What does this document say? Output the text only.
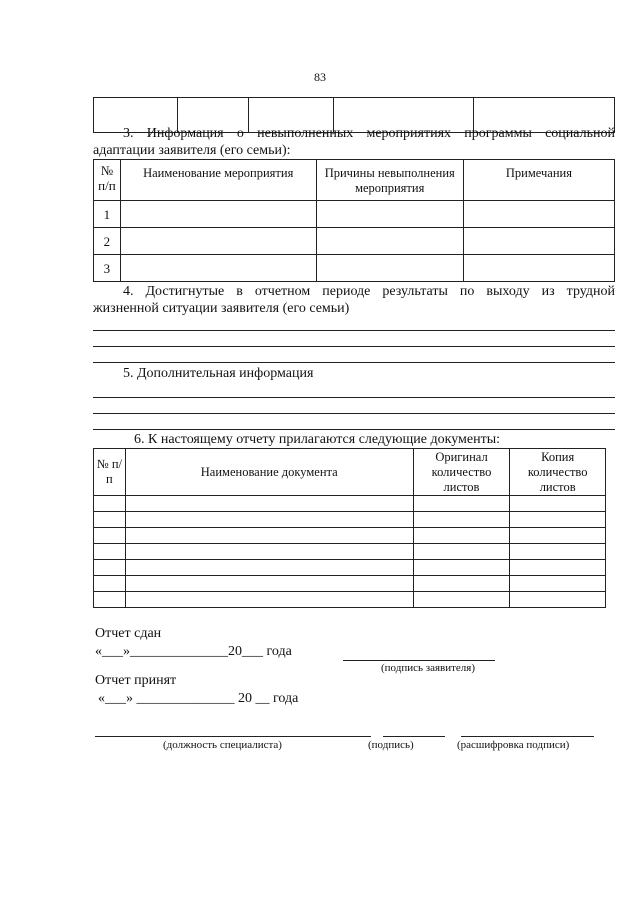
83

3. Информация о невыполненных мероприятиях программы социальной
адаптации заявителя (его семьи):
№ п/п	Наименование мероприятия	Причины невыполнения мероприятия	Примечания
1			
2			
3			
4. Достигнутые в отчетном периоде результаты по выходу из трудной
жизненной ситуации заявителя (его семьи)
5. Дополнительная информация
6. К настоящему отчету прилагаются следующие документы:
№ п/п	Наименование документа	Оригинал количество листов	Копия количество листов

Отчет сдан
«___»______________20___ года
(подпись заявителя)
Отчет принят
«___» ______________ 20 __ года
(должность специалиста)	(подпись)	(расшифровка подписи)
